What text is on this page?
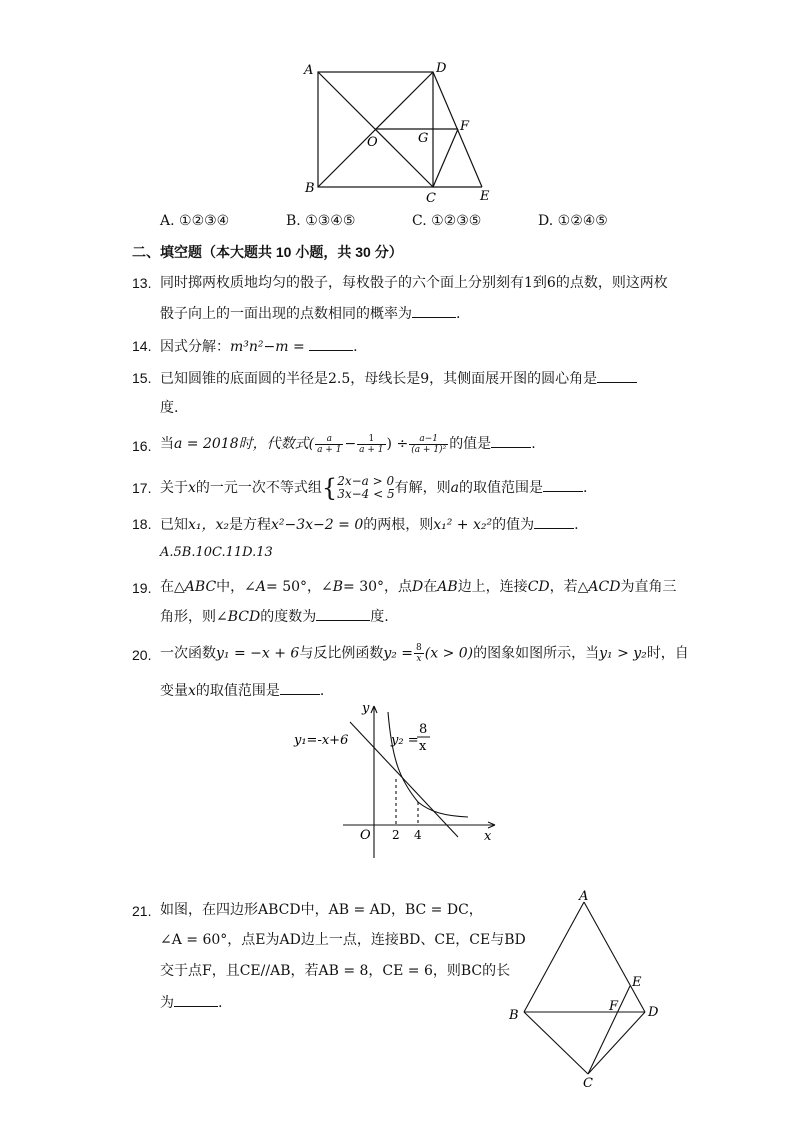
A	D
O	G
F
B
C	E
A. ①②③④	B. ①③④⑤	C. ①②③⑤	D. ①②④⑤
二、填空题（本大题共 10 小题，共 30 分）
13. 同时掷两枚质地均匀的骰子，每枚骰子的六个面上分别刻有1到6的点数，则这两枚
骰子向上的一面出现的点数相同的概率为	.
14. 因式分解：m³n²−m =	.
15. 已知圆锥的底面圆的半径是2.5，母线长是9，其侧面展开图的圆心角是
度.
16. 当a = 2018时，代数式( $\frac{a}{a + 1} - \frac{1}{a + 1}$ ) ÷ $\frac{a-1}{\text{(a + 1)²}}$ 的值是	.
17. 关于x的一元一次不等式组{ 2x−a > 0
3x−4 < 5 有解，则a的取值范围是	.
18. 已知x₁，x₂是方程x²−3x−2 = 0的两根，则x₁² + x₂²的值为	.
A.5B.10C.11D.13
19. 在△ABC中，∠A= 50°，∠B= 30°，点D在AB边上，连接CD，若△ACD为直角三
角形，则∠BCD的度数为	度.
20. 一次函数y₁ = −x + 6与反比例函数$y_2 = \frac{8}{x} (x > 0)$的图象如图所示，当y₁ > y₂时，自
变量x的取值范围是	.
y₁=-x+6	y₂ =
8
x
y
x
O 2 4
21. 如图，在四边形ABCD中，AB = AD，BC = DC，
∠A = 60°，点E为AD边上一点，连接BD、CE，CE与BD
交于点F，且CE//AB，若AB = 8，CE = 6，则BC的长
为	.
A
E
B
F D
C
